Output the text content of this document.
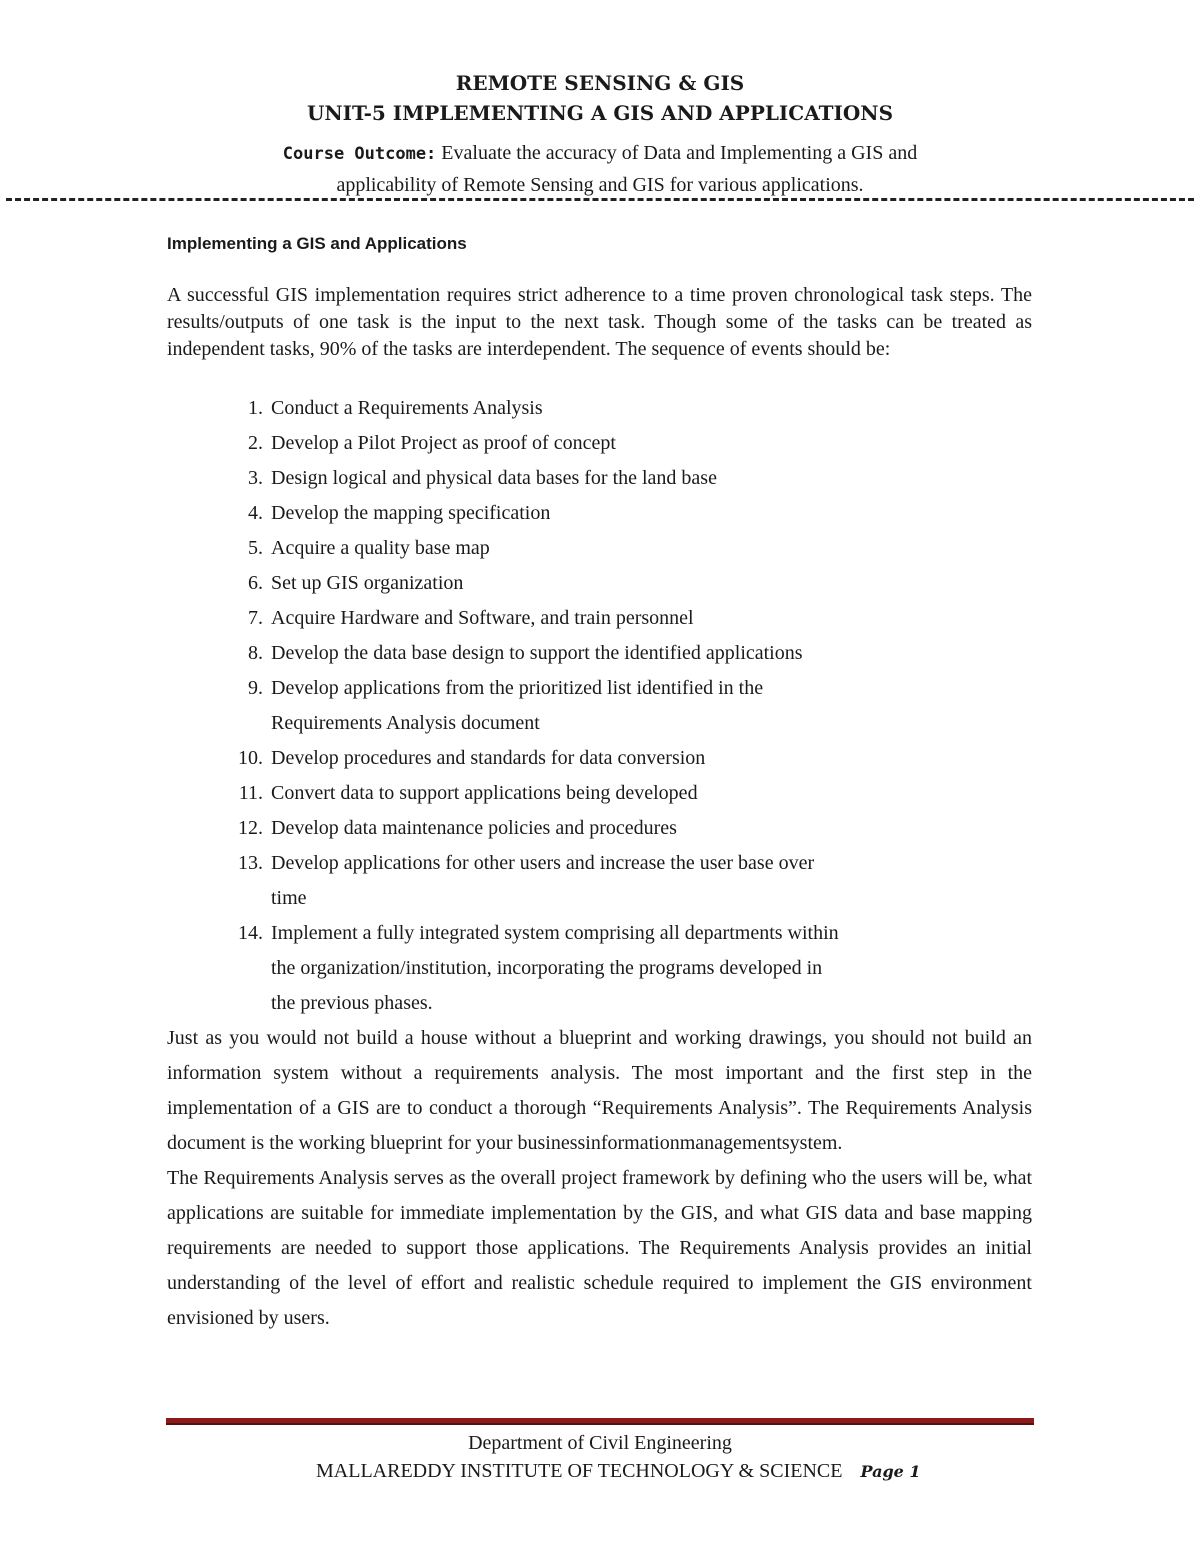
REMOTE SENSING & GIS
UNIT-5 IMPLEMENTING A GIS AND APPLICATIONS
Course Outcome: Evaluate the accuracy of Data and Implementing a GIS and
applicability of Remote Sensing and GIS for various applications.
Implementing a GIS and Applications

A successful GIS implementation requires strict adherence to a time proven chronological task steps. The results/outputs of one task is the input to the next task. Though some of the tasks can be treated as independent tasks, 90% of the tasks are interdependent. The sequence of events should be:

1. Conduct a Requirements Analysis
2. Develop a Pilot Project as proof of concept
3. Design logical and physical data bases for the land base
4. Develop the mapping specification
5. Acquire a quality base map
6. Set up GIS organization
7. Acquire Hardware and Software, and train personnel
8. Develop the data base design to support the identified applications
9. Develop applications from the prioritized list identified in the Requirements Analysis document
10. Develop procedures and standards for data conversion
11. Convert data to support applications being developed
12. Develop data maintenance policies and procedures
13. Develop applications for other users and increase the user base over time
14. Implement a fully integrated system comprising all departments within the organization/institution, incorporating the programs developed in the previous phases.

Just as you would not build a house without a blueprint and working drawings, you should not build an information system without a requirements analysis. The most important and the first step in the implementation of a GIS are to conduct a thorough “Requirements Analysis”. The Requirements Analysis document is the working blueprint for your businessinformationmanagementsystem.

The Requirements Analysis serves as the overall project framework by defining who the users will be, what applications are suitable for immediate implementation by the GIS, and what GIS data and base mapping requirements are needed to support those applications. The Requirements Analysis provides an initial understanding of the level of effort and realistic schedule required to implement the GIS environment envisioned by users.

Department of Civil Engineering
MALLAREDDY INSTITUTE OF TECHNOLOGY & SCIENCE Page 1
